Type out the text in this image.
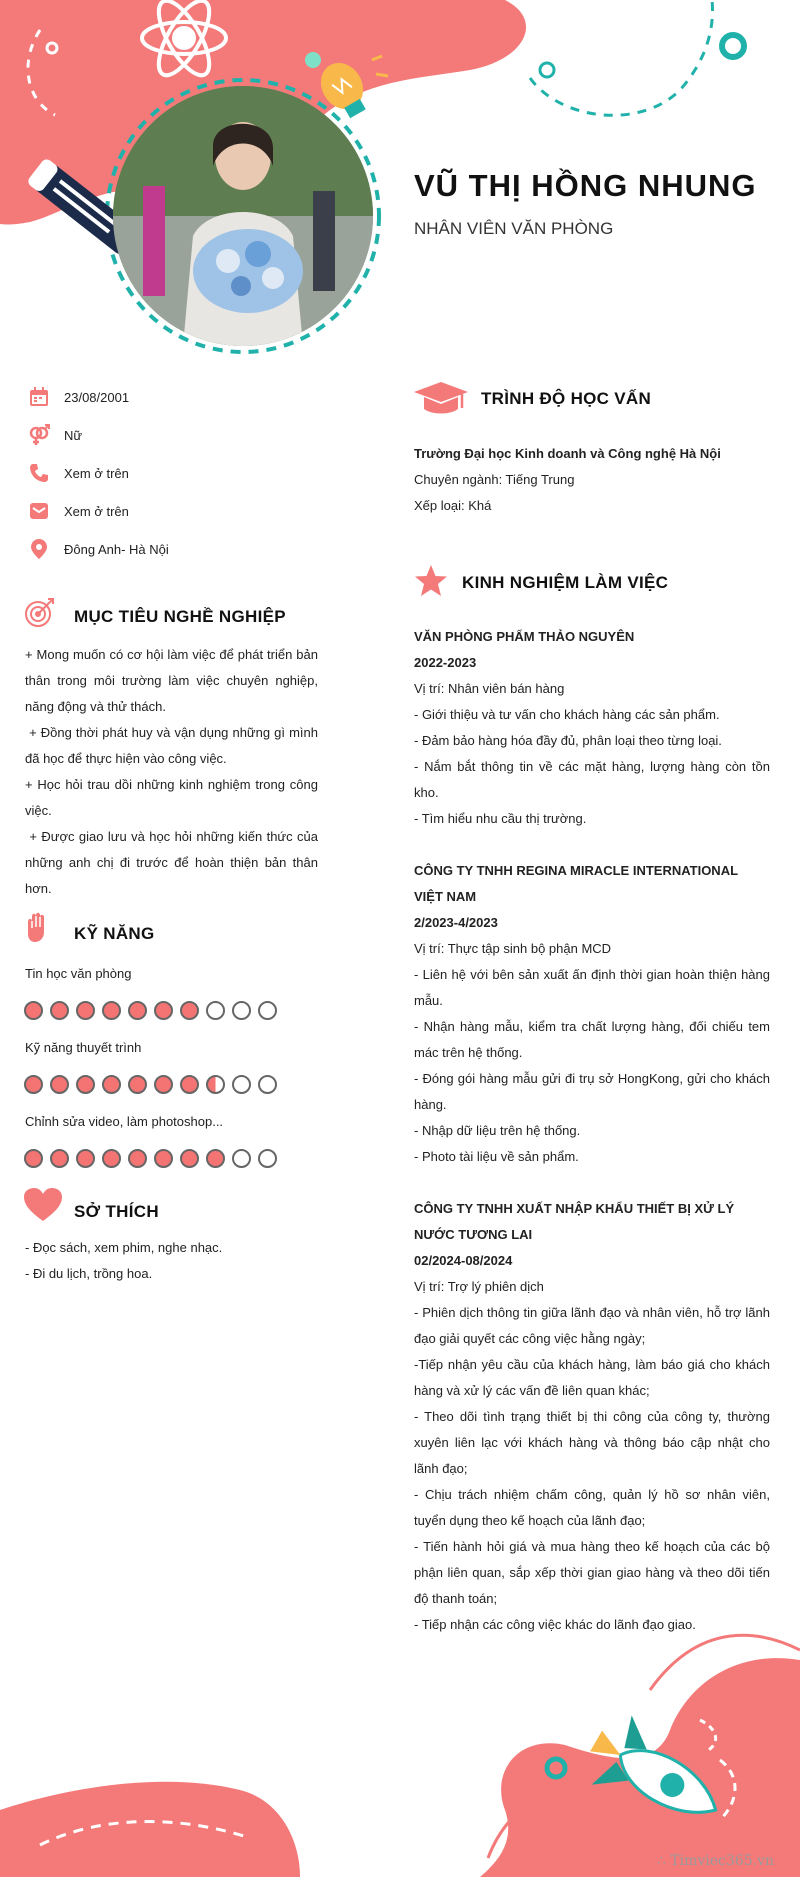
VŨ THỊ HỒNG NHUNG
NHÂN VIÊN VĂN PHÒNG
23/08/2001
Nữ
Xem ở trên
Xem ở trên
Đông Anh- Hà Nội
MỤC TIÊU NGHỀ NGHIỆP

+ Mong muốn có cơ hội làm việc để phát triển bản thân trong môi trường làm việc chuyên nghiệp, năng động và thử thách.

+ Đồng thời phát huy và vận dụng những gì mình đã học để thực hiện vào công việc.

+ Học hỏi trau dồi những kinh nghiệm trong công việc.

+ Được giao lưu và học hỏi những kiến thức của những anh chị đi trước để hoàn thiện bản thân hơn.

KỸ NĂNG
Tin học văn phòng
Kỹ năng thuyết trình
Chỉnh sửa video, làm photoshop...
SỞ THÍCH

- Đọc sách, xem phim, nghe nhạc.

- Đi du lịch, trồng hoa.

TRÌNH ĐỘ HỌC VẤN

Trường Đại học Kinh doanh và Công nghệ Hà Nội

Chuyên ngành: Tiếng Trung

Xếp loại: Khá

KINH NGHIỆM LÀM VIỆC
VĂN PHÒNG PHẨM THẢO NGUYÊN
2022-2023
Vị trí: Nhân viên bán hàng
- Giới thiệu và tư vấn cho khách hàng các sản phẩm.
- Đảm bảo hàng hóa đầy đủ, phân loại theo từng loại.
- Nắm bắt thông tin về các mặt hàng, lượng hàng còn tồn kho.
- Tìm hiểu nhu cầu thị trường.
CÔNG TY TNHH REGINA MIRACLE INTERNATIONAL VIỆT NAM
2/2023-4/2023
Vị trí: Thực tập sinh bộ phận MCD
- Liên hệ với bên sản xuất ấn định thời gian hoàn thiện hàng mẫu.
- Nhận hàng mẫu, kiểm tra chất lượng hàng, đối chiếu tem mác trên hệ thống.
- Đóng gói hàng mẫu gửi đi trụ sở HongKong, gửi cho khách hàng.
- Nhập dữ liệu trên hệ thống.
- Photo tài liệu về sản phẩm.
CÔNG TY TNHH XUẤT NHẬP KHẨU THIẾT BỊ XỬ LÝ NƯỚC TƯƠNG LAI
02/2024-08/2024
Vị trí: Trợ lý phiên dịch
- Phiên dịch thông tin giữa lãnh đạo và nhân viên, hỗ trợ lãnh đạo giải quyết các công việc hằng ngày;
-Tiếp nhận yêu cầu của khách hàng, làm báo giá cho khách hàng và xử lý các vấn đề liên quan khác;
- Theo dõi tình trạng thiết bị thi công của công ty, thường xuyên liên lạc với khách hàng và thông báo cập nhật cho lãnh đạo;
- Chịu trách nhiệm chấm công, quản lý hồ sơ nhân viên, tuyển dụng theo kế hoạch của lãnh đạo;
- Tiến hành hỏi giá và mua hàng theo kế hoạch của các bộ phận liên quan, sắp xếp thời gian giao hàng và theo dõi tiến độ thanh toán;
- Tiếp nhận các công việc khác do lãnh đạo giao.
∴ Timviec365.vn
